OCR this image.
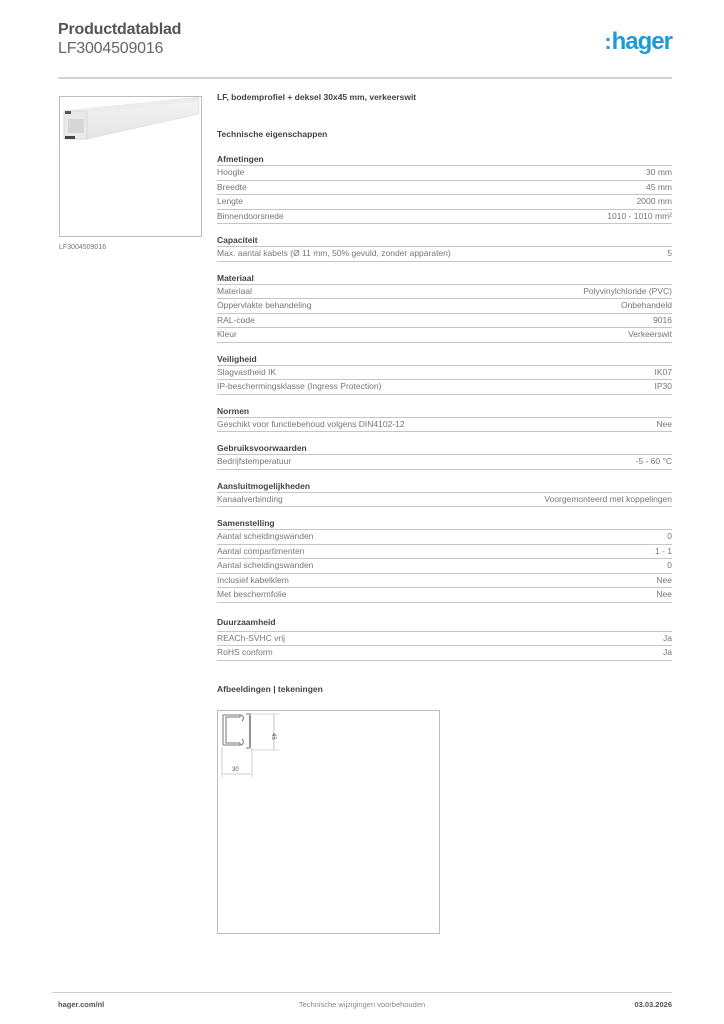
Productdatablad
LF3004509016	:hager
LF3004509016
LF, bodemprofiel + deksel 30x45 mm, verkeerswit
Technische eigenschappen
Afmetingen
Hoogte	30 mm
Breedte	45 mm
Lengte	2000 mm
Binnendoorsnede	1010 - 1010 mm²
Capaciteit
Max. aantal kabels (Ø 11 mm, 50% gevuld, zonder apparaten)	5
Materiaal
Materiaal	Polyvinylchloride (PVC)
Oppervlakte behandeling	Onbehandeld
RAL-code	9016
Kleur	Verkeerswit
Veiligheid
Slagvastheid IK	IK07
IP-beschermingsklasse (Ingress Protection)	IP30
Normen
Geschikt voor functiebehoud volgens DIN4102-12	Nee
Gebruiksvoorwaarden
Bedrijfstemperatuur	-5 - 60 °C
Aansluitmogelijkheden
Kanaalverbinding	Voorgemonteerd met koppelingen
Samenstelling
Aantal scheidingswanden	0
Aantal compartimenten	1 - 1
Aantal scheidingswanden	0
Inclusief kabelklem	Nee
Met beschermfolie	Nee
Duurzaamheid
REACh-SVHC vrij	Ja
RoHS conform	Ja
Afbeeldingen | tekeningen
45
30
hager.com/nl	Technische wijzigingen voorbehouden	03.03.2026
